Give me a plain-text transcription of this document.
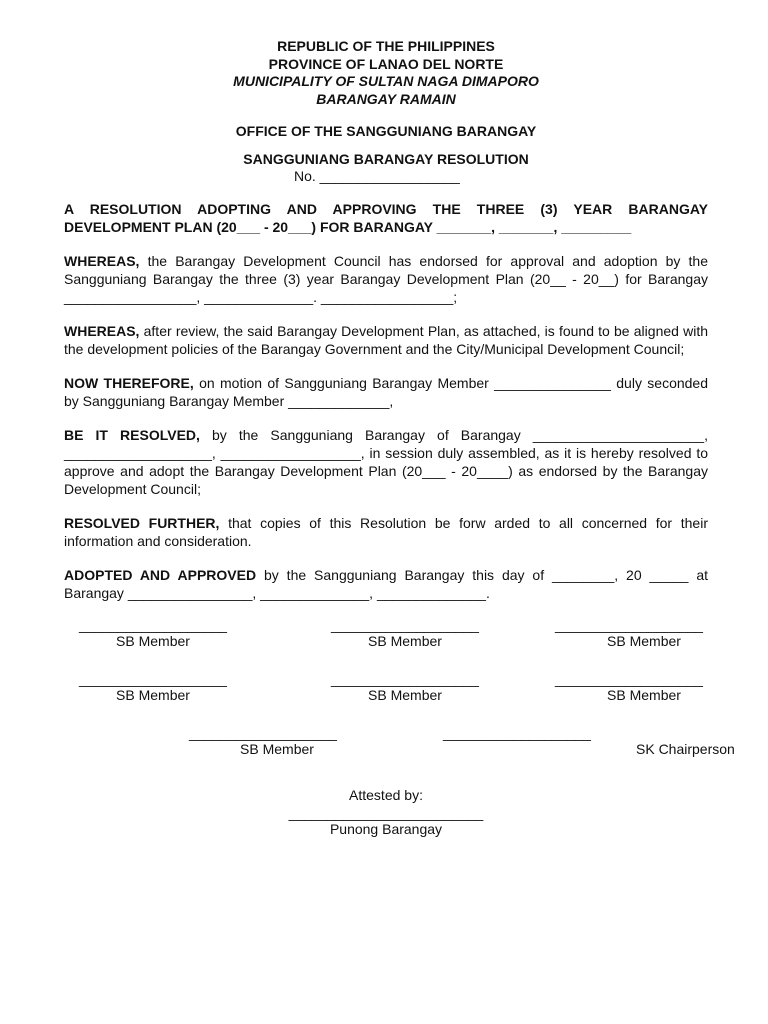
REPUBLIC OF THE PHILIPPINES
PROVINCE OF LANAO DEL NORTE
MUNICIPALITY OF SULTAN NAGA DIMAPORO
BARANGAY RAMAIN
OFFICE OF THE SANGGUNIANG BARANGAY
SANGGUNIANG BARANGAY RESOLUTION
No. __________________
A RESOLUTION ADOPTING AND APPROVING THE THREE (3) YEAR BARANGAY
DEVELOPMENT PLAN (20___ - 20___) FOR BARANGAY _______, _______, _________
WHEREAS, the Barangay Development Council has endorsed for approval and adoption by the Sangguniang Barangay the three (3) year Barangay Development Plan (20__ - 20__) for Barangay _________________, ______________. _________________;
WHEREAS, after review, the said Barangay Development Plan, as attached, is found to be aligned with the development policies of the Barangay Government and the City/Municipal Development Council;
NOW THEREFORE, on motion of Sangguniang Barangay Member _______________ duly seconded by Sangguniang Barangay Member _____________,
BE IT RESOLVED, by the Sangguniang Barangay of Barangay ______________________, ___________________, __________________, in session duly assembled, as it is hereby resolved to approve and adopt the Barangay Development Plan (20___ - 20____) as endorsed by the Barangay Development Council;
RESOLVED FURTHER, that copies of this Resolution be forw arded to all concerned for their information and consideration.
ADOPTED AND APPROVED by the Sangguniang Barangay this day of ________, 20 _____ at Barangay ________________, ______________, ______________.
___________________
SB Member
___________________
SB Member
___________________
SB Member
___________________
SB Member
___________________
SB Member
___________________
SB Member
___________________
SB Member
___________________
SK Chairperson
Attested by:
_________________________
Punong Barangay
